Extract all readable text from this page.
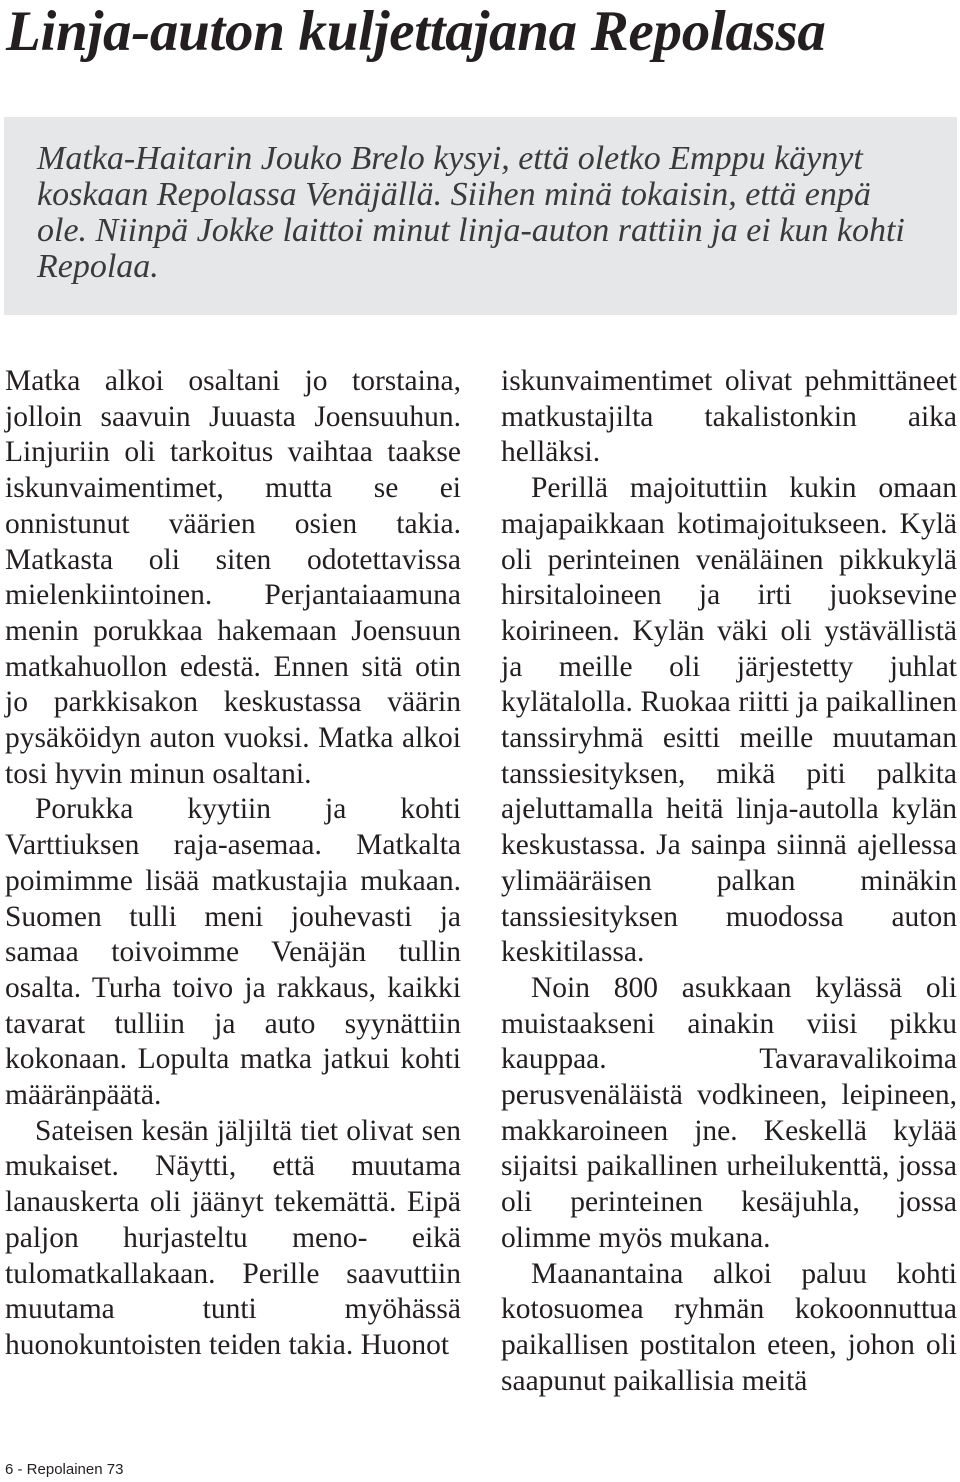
Linja-auton kuljettajana Repolassa

Matka-Haitarin Jouko Brelo kysyi, että oletko Emppu käynyt koskaan Repolassa Venäjällä. Siihen minä tokaisin, että enpä ole. Niinpä Jokke laittoi minut linja-auton rattiin ja ei kun kohti Repolaa.

Matka alkoi osaltani jo torstaina, jolloin saavuin Juuasta Joensuuhun. Linjuriin oli tarkoitus vaihtaa taakse iskunvaimentimet, mutta se ei onnistunut väärien osien takia. Matkasta oli siten odotettavissa mielenkiintoinen. Perjantaiaamuna menin porukkaa hakemaan Joensuun matkahuollon edestä. Ennen sitä otin jo parkkisakon keskustassa väärin pysäköidyn auton vuoksi. Matka alkoi tosi hyvin minun osaltani.

Porukka kyytiin ja kohti Varttiuksen raja-asemaa. Matkalta poimimme lisää matkustajia mukaan. Suomen tulli meni jouhevasti ja samaa toivoimme Venäjän tullin osalta. Turha toivo ja rakkaus, kaikki tavarat tulliin ja auto syynättiin kokonaan. Lopulta matka jatkui kohti määränpäätä.

Sateisen kesän jäljiltä tiet olivat sen mukaiset. Näytti, että muutama lanauskerta oli jäänyt tekemättä. Eipä paljon hurjasteltu meno- eikä tulomatkallakaan. Perille saavuttiin muutama tunti myöhässä huonokuntoisten teiden takia. Huonot

iskunvaimentimet olivat pehmittäneet matkustajilta takalistonkin aika helläksi.

Perillä majoituttiin kukin omaan majapaikkaan kotimajoitukseen. Kylä oli perinteinen venäläinen pikkukylä hirsitaloineen ja irti juoksevine koirineen. Kylän väki oli ystävällistä ja meille oli järjestetty juhlat kylätalolla. Ruokaa riitti ja paikallinen tanssiryhmä esitti meille muutaman tanssiesityksen, mikä piti palkita ajeluttamalla heitä linja-autolla kylän keskustassa. Ja sainpa siinnä ajellessa ylimääräisen palkan minäkin tanssiesityksen muodossa auton keskitilassa.

Noin 800 asukkaan kylässä oli muistaakseni ainakin viisi pikku kauppaa. Tavaravalikoima perusvenäläistä vodkineen, leipineen, makkaroineen jne. Keskellä kylää sijaitsi paikallinen urheilukenttä, jossa oli perinteinen kesäjuhla, jossa olimme myös mukana.

Maanantaina alkoi paluu kohti kotosuomea ryhmän kokoonnuttua paikallisen postitalon eteen, johon oli saapunut paikallisia meitä

6 - Repolainen 73
